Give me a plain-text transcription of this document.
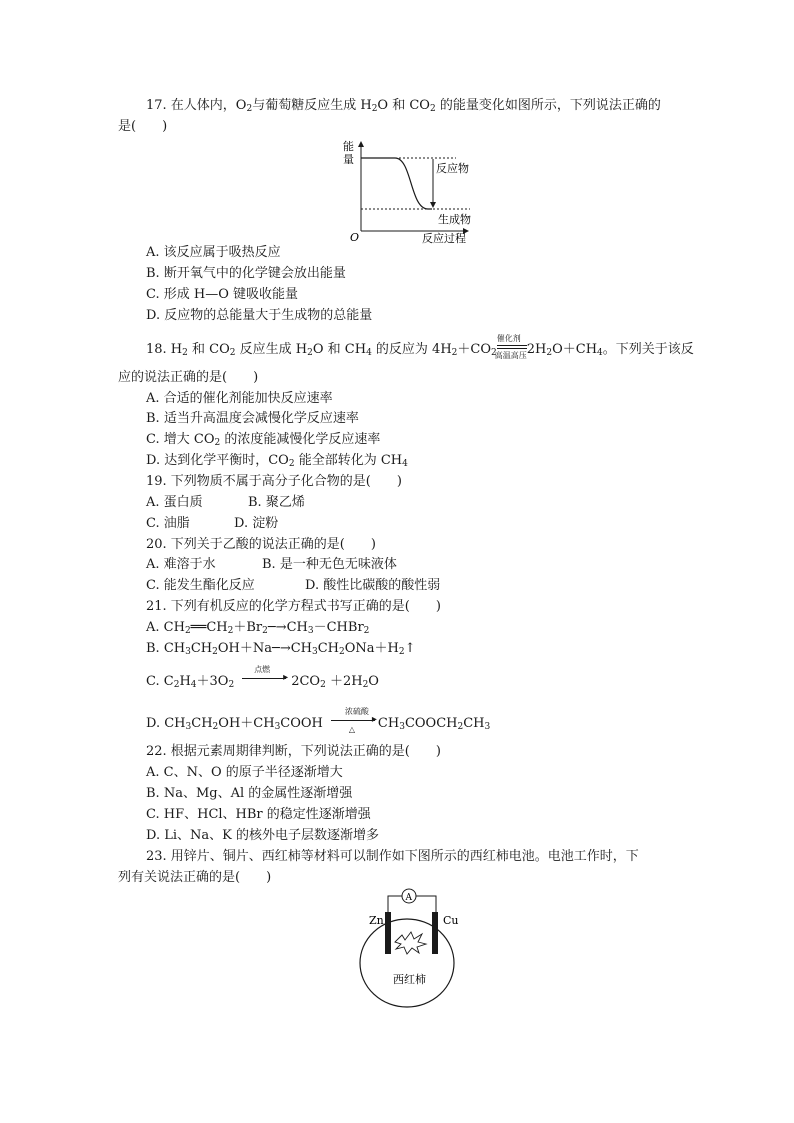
17. 在人体内，$O_2$与葡萄糖反应生成 $H_2O$ 和 $CO_2$ 的能量变化如图所示，下列说法正确的
是(　　)
能
量
O	反应过程
反应物
生成物
A. 该反应属于吸热反应
B. 断开氧气中的化学键会放出能量
C. 形成 H—O 键吸收能量
D. 反应物的总能量大于生成物的总能量
18. $H_2$ 和 $CO_2$ 反应生成 $H_2O$ 和 $CH_4$ 的反应为 $4H_2+CO_2$
催化剂
高温高压 $2H_2O+CH_4$。下列关于该反
应的说法正确的是(　　)
A. 合适的催化剂能加快反应速率
B. 适当升高温度会减慢化学反应速率
C. 增大 $CO_2$ 的浓度能减慢化学反应速率
D. 达到化学平衡时，$CO_2$ 能全部转化为 $CH_4$
19. 下列物质不属于高分子化合物的是(　　)
A. 蛋白质	B. 聚乙烯
C. 油脂	D. 淀粉
20. 下列关于乙酸的说法正确的是(　　)
A. 难溶于水	B. 是一种无色无味液体
C. 能发生酯化反应	D. 酸性比碳酸的酸性弱
21. 下列有机反应的化学方程式书写正确的是(　　)
A. $CH_2══CH_2+Br_2─\to CH_3-CHBr_2$
B. $CH_3CH_2OH+Na─\to CH_3CH_2ONa+H_2↑$
C. $C_2H_4+3O_2$
点燃
▸ $2CO_2 +2H_2O$
D. $CH_3CH_2OH+CH_3COOH$
浓硫酸
▸
△ $CH_3COOCH_2CH_3$
22. 根据元素周期律判断，下列说法正确的是(　　)
A. C、N、O 的原子半径逐渐增大
B. Na、Mg、Al 的金属性逐渐增强
C. HF、HCl、HBr 的稳定性逐渐增强
D. Li、Na、K 的核外电子层数逐渐增多
23. 用锌片、铜片、西红柿等材料可以制作如下图所示的西红柿电池。电池工作时，下
列有关说法正确的是(　　)
A
Zn	Cu
西红柿
